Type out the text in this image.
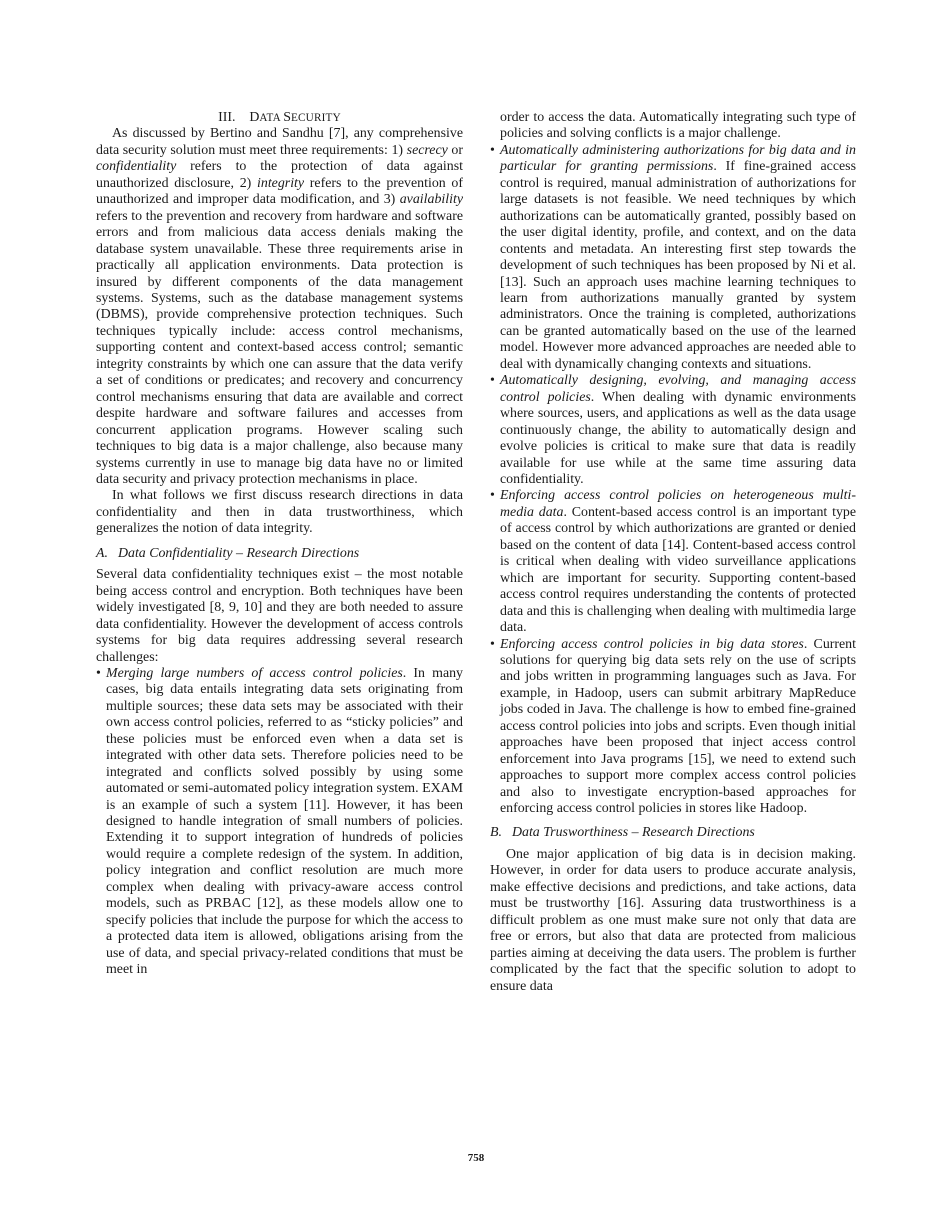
III. DATA SECURITY

As discussed by Bertino and Sandhu [7], any comprehensive data security solution must meet three requirements: 1) secrecy or confidentiality refers to the protection of data against unauthorized disclosure, 2) integrity refers to the prevention of unauthorized and improper data modification, and 3) availability refers to the prevention and recovery from hardware and software errors and from malicious data access denials making the database system unavailable. These three requirements arise in practically all application environments. Data protection is insured by different components of the data management systems. Systems, such as the database management systems (DBMS), provide comprehensive protection techniques. Such techniques typically include: access control mechanisms, supporting content and context-based access control; semantic integrity constraints by which one can assure that the data verify a set of conditions or predicates; and recovery and concurrency control mechanisms ensuring that data are available and correct despite hardware and software failures and accesses from concurrent application programs. However scaling such techniques to big data is a major challenge, also because many systems currently in use to manage big data have no or limited data security and privacy protection mechanisms in place.

In what follows we first discuss research directions in data confidentiality and then in data trustworthiness, which generalizes the notion of data integrity.

A. Data Confidentiality – Research Directions

Several data confidentiality techniques exist – the most notable being access control and encryption. Both techniques have been widely investigated [8, 9, 10] and they are both needed to assure data confidentiality. However the development of access controls systems for big data requires addressing several research challenges:

• Merging large numbers of access control policies. In many cases, big data entails integrating data sets originating from multiple sources; these data sets may be associated with their own access control policies, referred to as “sticky policies” and these policies must be enforced even when a data set is integrated with other data sets. Therefore policies need to be integrated and conflicts solved possibly by using some automated or semi-automated policy integration system. EXAM is an example of such a system [11]. However, it has been designed to handle integration of small numbers of policies. Extending it to support integration of hundreds of policies would require a complete redesign of the system. In addition, policy integration and conflict resolution are much more complex when dealing with privacy-aware access control models, such as PRBAC [12], as these models allow one to specify policies that include the purpose for which the access to a protected data item is allowed, obligations arising from the use of data, and special privacy-related conditions that must be meet in

order to access the data. Automatically integrating such type of policies and solving conflicts is a major challenge.

• Automatically administering authorizations for big data and in particular for granting permissions. If fine-grained access control is required, manual administration of authorizations for large datasets is not feasible. We need techniques by which authorizations can be automatically granted, possibly based on the user digital identity, profile, and context, and on the data contents and metadata. An interesting first step towards the development of such techniques has been proposed by Ni et al. [13]. Such an approach uses machine learning techniques to learn from authorizations manually granted by system administrators. Once the training is completed, authorizations can be granted automatically based on the use of the learned model. However more advanced approaches are needed able to deal with dynamically changing contexts and situations.
• Automatically designing, evolving, and managing access control policies. When dealing with dynamic environments where sources, users, and applications as well as the data usage continuously change, the ability to automatically design and evolve policies is critical to make sure that data is readily available for use while at the same time assuring data confidentiality.
• Enforcing access control policies on heterogeneous multi-media data. Content-based access control is an important type of access control by which authorizations are granted or denied based on the content of data [14]. Content-based access control is critical when dealing with video surveillance applications which are important for security. Supporting content-based access control requires understanding the contents of protected data and this is challenging when dealing with multimedia large data.
• Enforcing access control policies in big data stores. Current solutions for querying big data sets rely on the use of scripts and jobs written in programming languages such as Java. For example, in Hadoop, users can submit arbitrary MapReduce jobs coded in Java. The challenge is how to embed fine-grained access control policies into jobs and scripts. Even though initial approaches have been proposed that inject access control enforcement into Java programs [15], we need to extend such approaches to support more complex access control policies and also to investigate encryption-based approaches for enforcing access control policies in stores like Hadoop.
B. Data Trusworthiness – Research Directions

One major application of big data is in decision making. However, in order for data users to produce accurate analysis, make effective decisions and predictions, and take actions, data must be trustworthy [16]. Assuring data trustworthiness is a difficult problem as one must make sure not only that data are free or errors, but also that data are protected from malicious parties aiming at deceiving the data users. The problem is further complicated by the fact that the specific solution to adopt to ensure data

758
